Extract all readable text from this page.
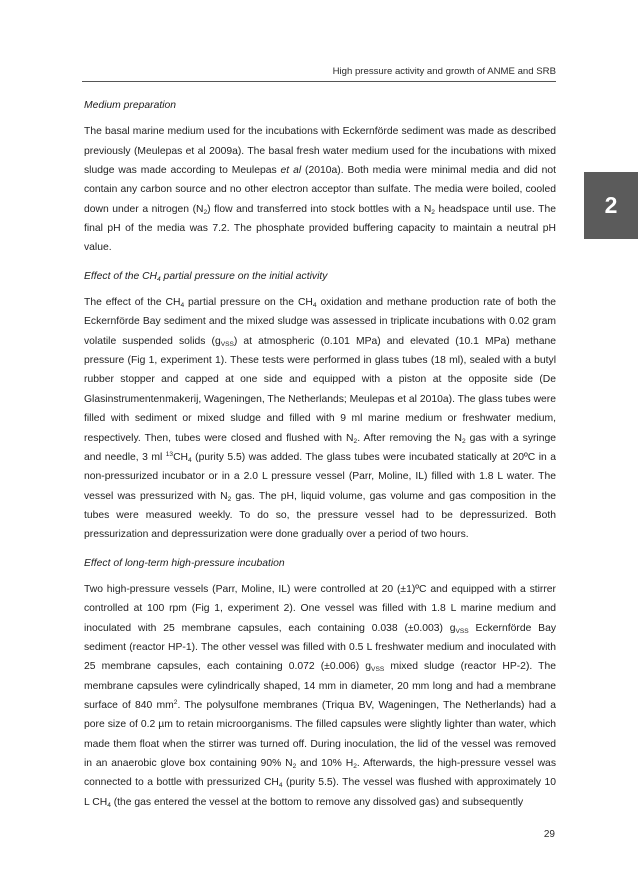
High pressure activity and growth of ANME and SRB
2

Medium preparation

The basal marine medium used for the incubations with Eckernförde sediment was made as described previously (Meulepas et al 2009a). The basal fresh water medium used for the incubations with mixed sludge was made according to Meulepas et al (2010a). Both media were minimal media and did not contain any carbon source and no other electron acceptor than sulfate. The media were boiled, cooled down under a nitrogen $(N_2)$ flow and transferred into stock bottles with a $N_2$ headspace until use. The final pH of the media was 7.2. The phosphate provided buffering capacity to maintain a neutral pH value.

Effect of the $CH_4$ partial pressure on the initial activity

The effect of the $CH_4$ partial pressure on the $CH_4$ oxidation and methane production rate of both the Eckernförde Bay sediment and the mixed sludge was assessed in triplicate incubations with 0.02 gram volatile suspended solids $(g_{VSS})$ at atmospheric (0.101 MPa) and elevated (10.1 MPa) methane pressure (Fig 1, experiment 1). These tests were performed in glass tubes (18 ml), sealed with a butyl rubber stopper and capped at one side and equipped with a piston at the opposite side (De Glasinstrumentenmakerij, Wageningen, The Netherlands; Meulepas et al 2010a). The glass tubes were filled with sediment or mixed sludge and filled with 9 ml marine medium or freshwater medium, respectively. Then, tubes were closed and flushed with $N_2$. After removing the $N_2$ gas with a syringe and needle, 3 ml $^{13}CH_4$ (purity 5.5) was added. The glass tubes were incubated statically at 20ºC in a non-pressurized incubator or in a 2.0 L pressure vessel (Parr, Moline, IL) filled with 1.8 L water. The vessel was pressurized with $N_2$ gas. The pH, liquid volume, gas volume and gas composition in the tubes were measured weekly. To do so, the pressure vessel had to be depressurized. Both pressurization and depressurization were done gradually over a period of two hours.

Effect of long-term high-pressure incubation

Two high-pressure vessels (Parr, Moline, IL) were controlled at 20 (±1)ºC and equipped with a stirrer controlled at 100 rpm (Fig 1, experiment 2). One vessel was filled with 1.8 L marine medium and inoculated with 25 membrane capsules, each containing 0.038 (±0.003) $g_{VSS}$ Eckernförde Bay sediment (reactor HP-1). The other vessel was filled with 0.5 L freshwater medium and inoculated with 25 membrane capsules, each containing 0.072 (±0.006) $g_{VSS}$ mixed sludge (reactor HP-2). The membrane capsules were cylindrically shaped, 14 mm in diameter, 20 mm long and had a membrane surface of 840 $mm^2$. The polysulfone membranes (Triqua BV, Wageningen, The Netherlands) had a pore size of 0.2 µm to retain microorganisms. The filled capsules were slightly lighter than water, which made them float when the stirrer was turned off. During inoculation, the lid of the vessel was removed in an anaerobic glove box containing 90% $N_2$ and 10% $H_2$. Afterwards, the high-pressure vessel was connected to a bottle with pressurized $CH_4$ (purity 5.5). The vessel was flushed with approximately 10 L $CH_4$ (the gas entered the vessel at the bottom to remove any dissolved gas) and subsequently

29
